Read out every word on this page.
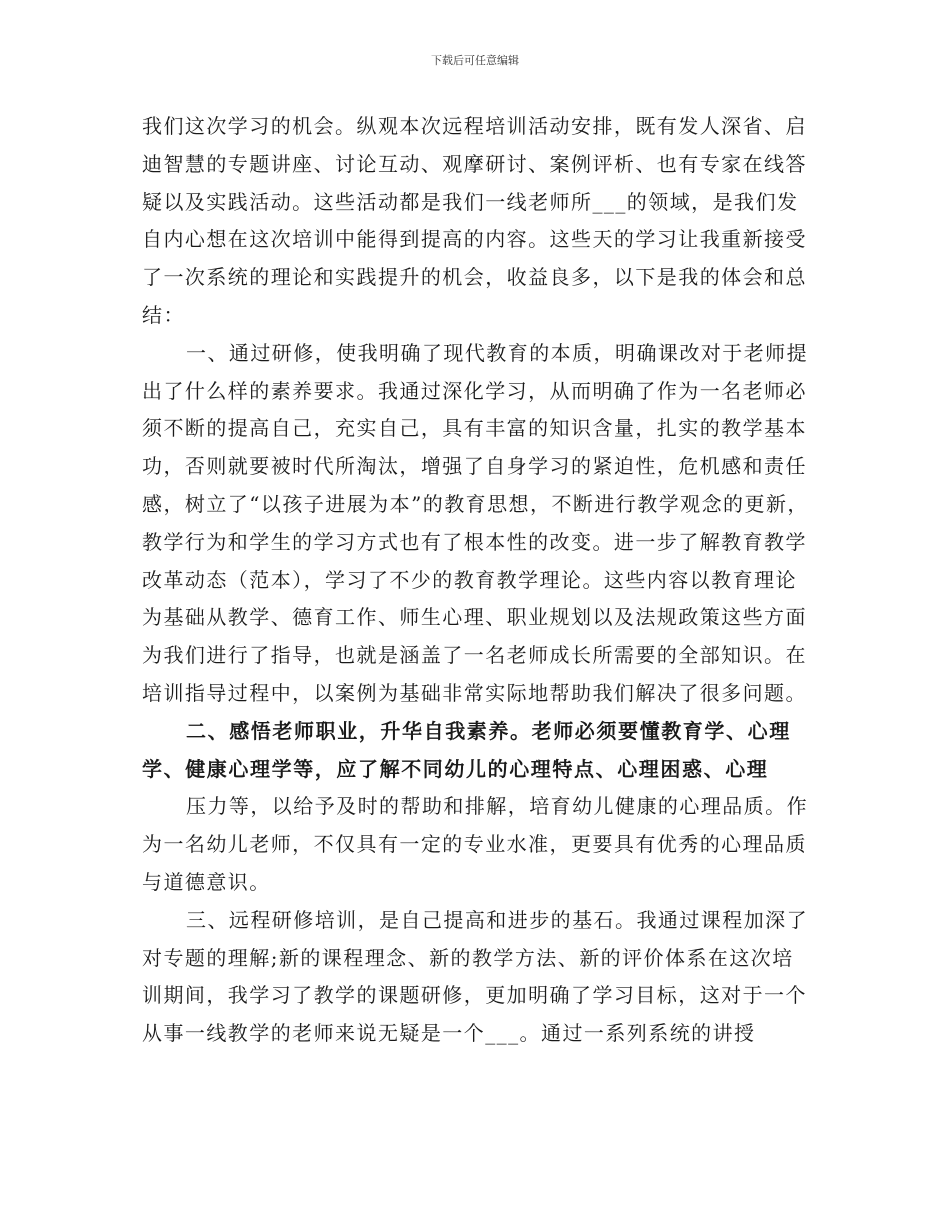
下载后可任意编辑

我们这次学习的机会。纵观本次远程培训活动安排，既有发人深省、启迪智慧的专题讲座、讨论互动、观摩研讨、案例评析、也有专家在线答疑以及实践活动。这些活动都是我们一线老师所___的领域，是我们发自内心想在这次培训中能得到提高的内容。这些天的学习让我重新接受了一次系统的理论和实践提升的机会，收益良多，以下是我的体会和总结：

一、通过研修，使我明确了现代教育的本质，明确课改对于老师提出了什么样的素养要求。我通过深化学习，从而明确了作为一名老师必须不断的提高自己，充实自己，具有丰富的知识含量，扎实的教学基本功，否则就要被时代所淘汰，增强了自身学习的紧迫性，危机感和责任感，树立了“以孩子进展为本”的教育思想，不断进行教学观念的更新，教学行为和学生的学习方式也有了根本性的改变。进一步了解教育教学改革动态（范本），学习了不少的教育教学理论。这些内容以教育理论为基础从教学、德育工作、师生心理、职业规划以及法规政策这些方面为我们进行了指导，也就是涵盖了一名老师成长所需要的全部知识。在培训指导过程中，以案例为基础非常实际地帮助我们解决了很多问题。

二、感悟老师职业，升华自我素养。老师必须要懂教育学、心理学、健康心理学等，应了解不同幼儿的心理特点、心理困惑、心理

压力等，以给予及时的帮助和排解，培育幼儿健康的心理品质。作为一名幼儿老师，不仅具有一定的专业水准，更要具有优秀的心理品质与道德意识。

三、远程研修培训，是自己提高和进步的基石。我通过课程加深了对专题的理解;新的课程理念、新的教学方法、新的评价体系在这次培训期间，我学习了教学的课题研修，更加明确了学习目标，这对于一个从事一线教学的老师来说无疑是一个___。通过一系列系统的讲授
